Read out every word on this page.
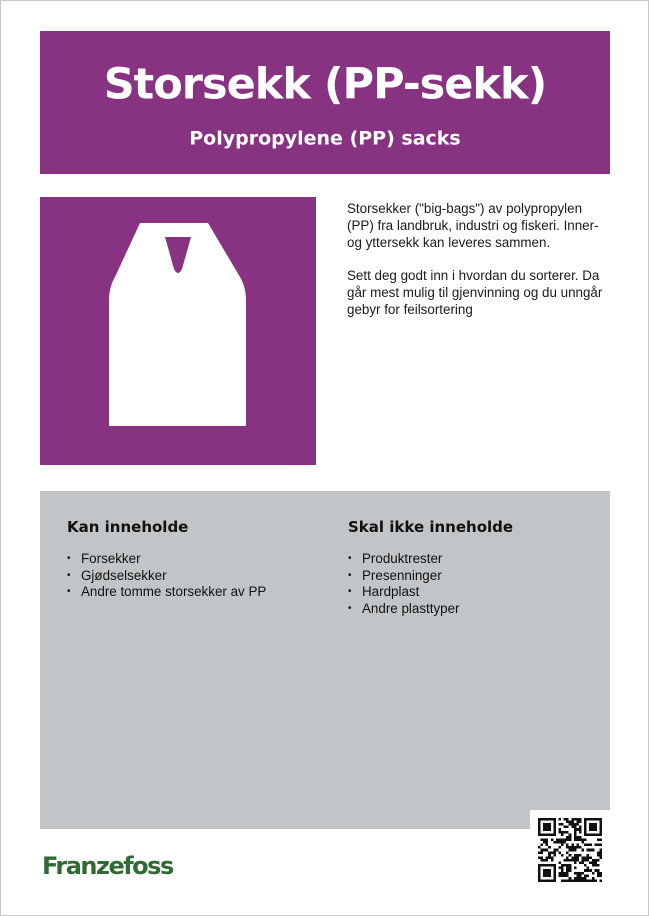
Storsekk (PP-sekk)
Polypropylene (PP) sacks

Storsekker ("big-bags") av polypropylen (PP) fra landbruk, industri og fiskeri. Inner- og yttersekk kan leveres sammen.

Sett deg godt inn i hvordan du sorterer. Da går mest mulig til gjenvinning og du unngår gebyr for feilsortering

Kan inneholde
• Forsekker
• Gjødselsekker
• Andre tomme storsekker av PP
Skal ikke inneholde
• Produktrester
• Presenninger
• Hardplast
• Andre plasttyper
Franzefoss
